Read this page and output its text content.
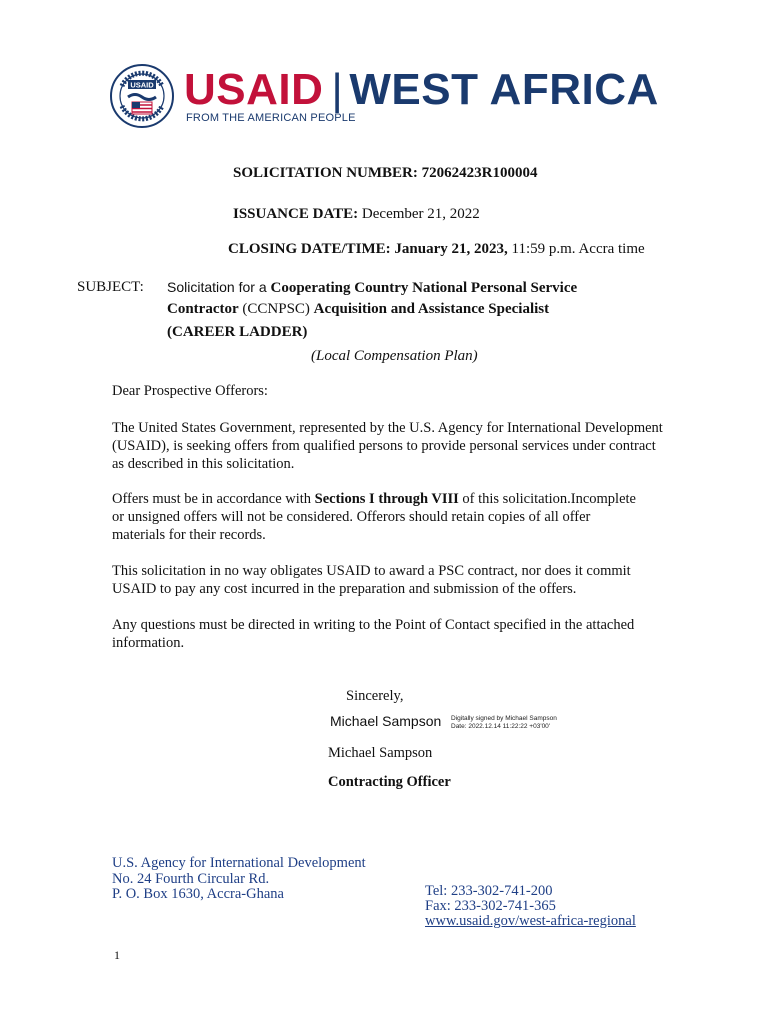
USAID USAID | WEST AFRICA
FROM THE AMERICAN PEOPLE
SOLICITATION NUMBER: 72062423R100004
ISSUANCE DATE: December 21, 2022
CLOSING DATE/TIME: January 21, 2023, 11:59 p.m. Accra time
SUBJECT: Solicitation for a Cooperating Country National Personal Service
Contractor (CCNPSC) Acquisition and Assistance Specialist
(CAREER LADDER)
(Local Compensation Plan)
Dear Prospective Offerors:
The United States Government, represented by the U.S. Agency for International Development
(USAID), is seeking offers from qualified persons to provide personal services under contract
as described in this solicitation.
Offers must be in accordance with Sections I through VIII of this solicitation.Incomplete
or unsigned offers will not be considered. Offerors should retain copies of all offer
materials for their records.
This solicitation in no way obligates USAID to award a PSC contract, nor does it commit
USAID to pay any cost incurred in the preparation and submission of the offers.
Any questions must be directed in writing to the Point of Contact specified in the attached
information.
Sincerely,
Michael Sampson Digitally signed by Michael Sampson
Date: 2022.12.14 11:22:22 +03'00'
Michael Sampson
Contracting Officer
U.S. Agency for International Development
No. 24 Fourth Circular Rd.
P. O. Box 1630, Accra-Ghana	Tel: 233-302-741-200
Fax: 233-302-741-365
www.usaid.gov/west-africa-regional
1
